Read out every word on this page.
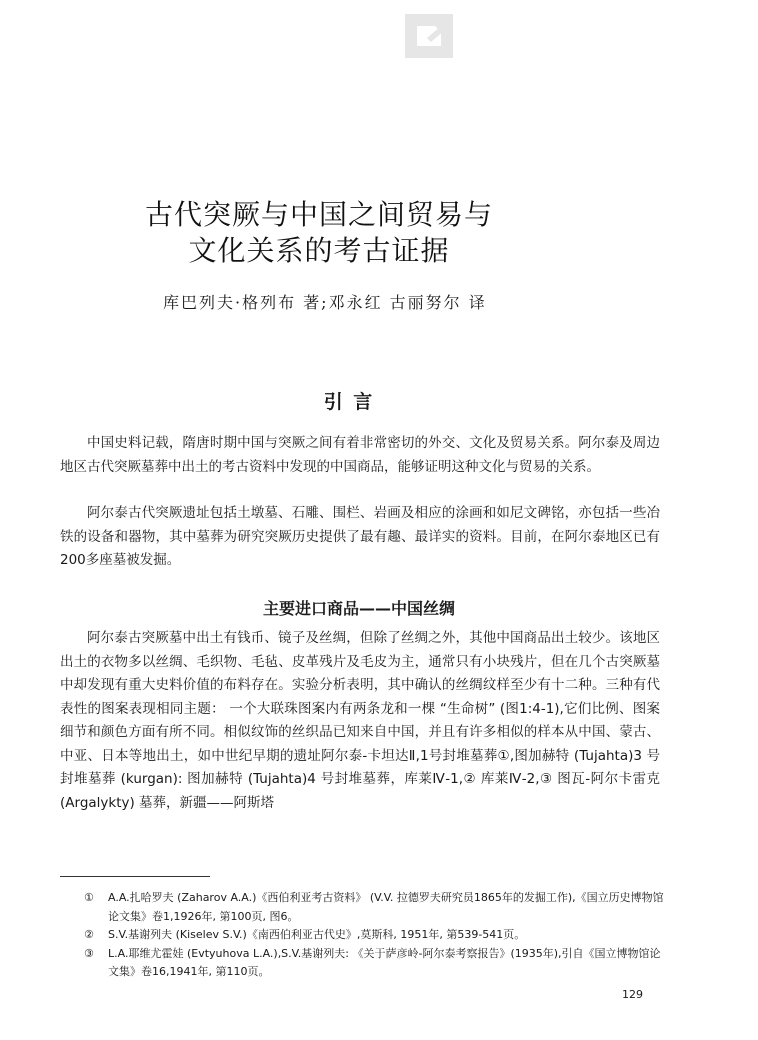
古代突厥与中国之间贸易与
文化关系的考古证据
库巴列夫·格列布 著;邓永红 古丽努尔 译
引 言

中国史料记载，隋唐时期中国与突厥之间有着非常密切的外交、文化及贸易关系。阿尔泰及周边地区古代突厥墓葬中出土的考古资料中发现的中国商品，能够证明这种文化与贸易的关系。

阿尔泰古代突厥遗址包括土墩墓、石雕、围栏、岩画及相应的涂画和如尼文碑铭，亦包括一些冶铁的设备和器物，其中墓葬为研究突厥历史提供了最有趣、最详实的资料。目前，在阿尔泰地区已有200多座墓被发掘。

主要进口商品——中国丝绸

阿尔泰古突厥墓中出土有钱币、镜子及丝绸，但除了丝绸之外，其他中国商品出土较少。该地区出土的衣物多以丝绸、毛织物、毛毡、皮革残片及毛皮为主，通常只有小块残片，但在几个古突厥墓中却发现有重大史料价值的布料存在。实验分析表明，其中确认的丝绸纹样至少有十二种。三种有代表性的图案表现相同主题： 一个大联珠图案内有两条龙和一棵 “生命树” (图1:4-1),它们比例、图案细节和颜色方面有所不同。相似纹饰的丝织品已知来自中国，并且有许多相似的样本从中国、蒙古、中亚、日本等地出土，如中世纪早期的遗址阿尔泰-卡坦达Ⅱ,1号封堆墓葬①,图加赫特 (Tujahta)3 号封堆墓葬 (kurgan): 图加赫特 (Tujahta)4 号封堆墓葬，库莱Ⅳ-1,② 库莱Ⅳ-2,③ 图瓦-阿尔卡雷克 (Argalykty) 墓葬，新疆——阿斯塔

① A.A.扎哈罗夫 (Zaharov A.A.)《西伯利亚考古资料》 (V.V. 拉德罗夫研究员1865年的发掘工作),《国立历史博物馆论文集》卷1,1926年, 第100页, 图6。
② S.V.基谢列夫 (Kiselev S.V.)《南西伯利亚古代史》,莫斯科, 1951年, 第539-541页。
③ L.A.耶维尤霍娃 (Evtyuhova L.A.),S.V.基谢列夫: 《关于萨彦岭-阿尔泰考察报告》(1935年),引自《国立博物馆论文集》卷16,1941年, 第110页。
129
